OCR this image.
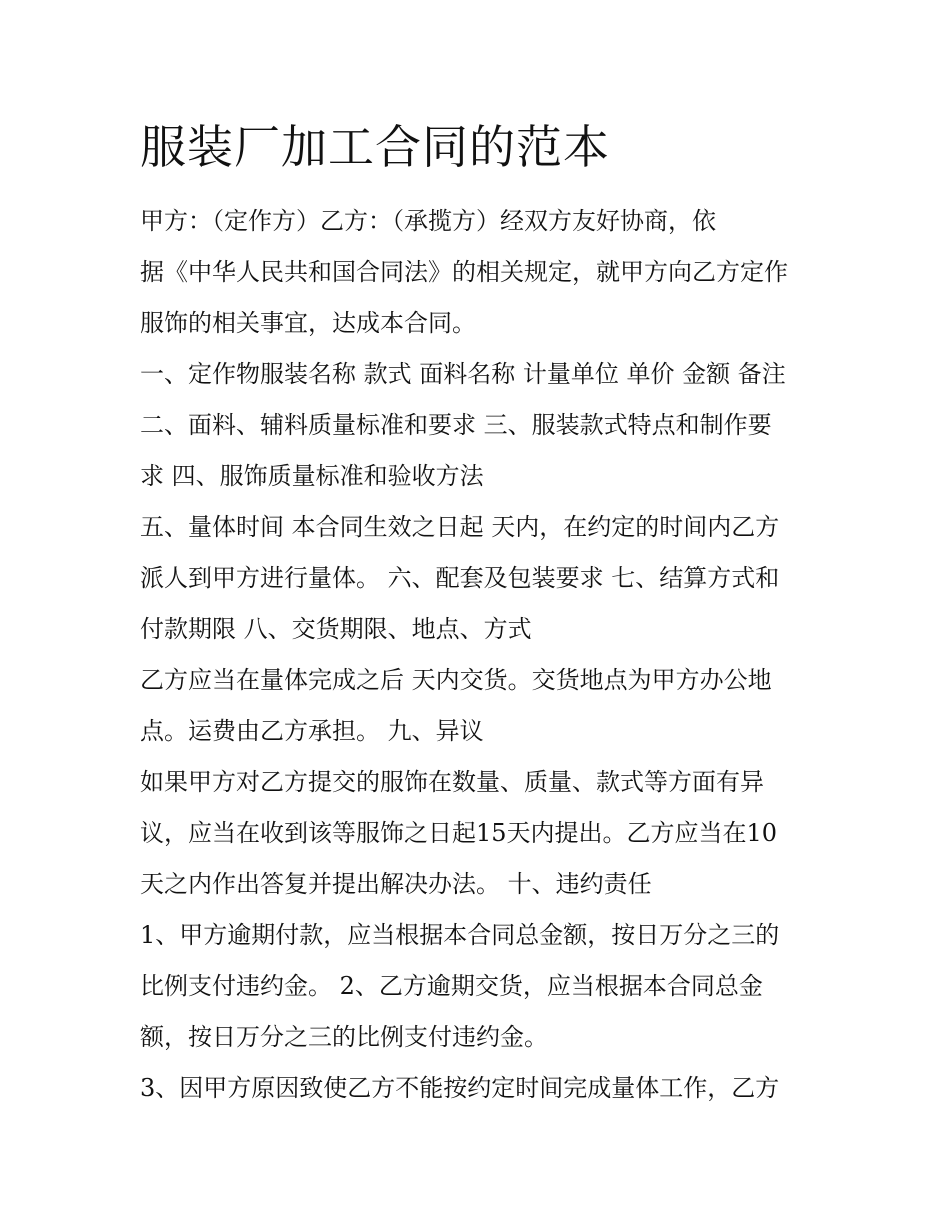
服装厂加工合同的范本

甲方：（定作方）乙方：（承揽方）经双方友好协商，依
据《中华人民共和国合同法》的相关规定，就甲方向乙方定作
服饰的相关事宜，达成本合同。

一、定作物服装名称 款式 面料名称 计量单位 单价 金额 备注
二、面料、辅料质量标准和要求 三、服装款式特点和制作要
求 四、服饰质量标准和验收方法

五、量体时间 本合同生效之日起 天内，在约定的时间内乙方
派人到甲方进行量体。 六、配套及包装要求 七、结算方式和
付款期限 八、交货期限、地点、方式

乙方应当在量体完成之后 天内交货。交货地点为甲方办公地
点。运费由乙方承担。 九、异议

如果甲方对乙方提交的服饰在数量、质量、款式等方面有异
议，应当在收到该等服饰之日起15天内提出。乙方应当在10
天之内作出答复并提出解决办法。 十、违约责任

1、甲方逾期付款，应当根据本合同总金额，按日万分之三的
比例支付违约金。 2、乙方逾期交货，应当根据本合同总金
额，按日万分之三的比例支付违约金。

3、因甲方原因致使乙方不能按约定时间完成量体工作，乙方
